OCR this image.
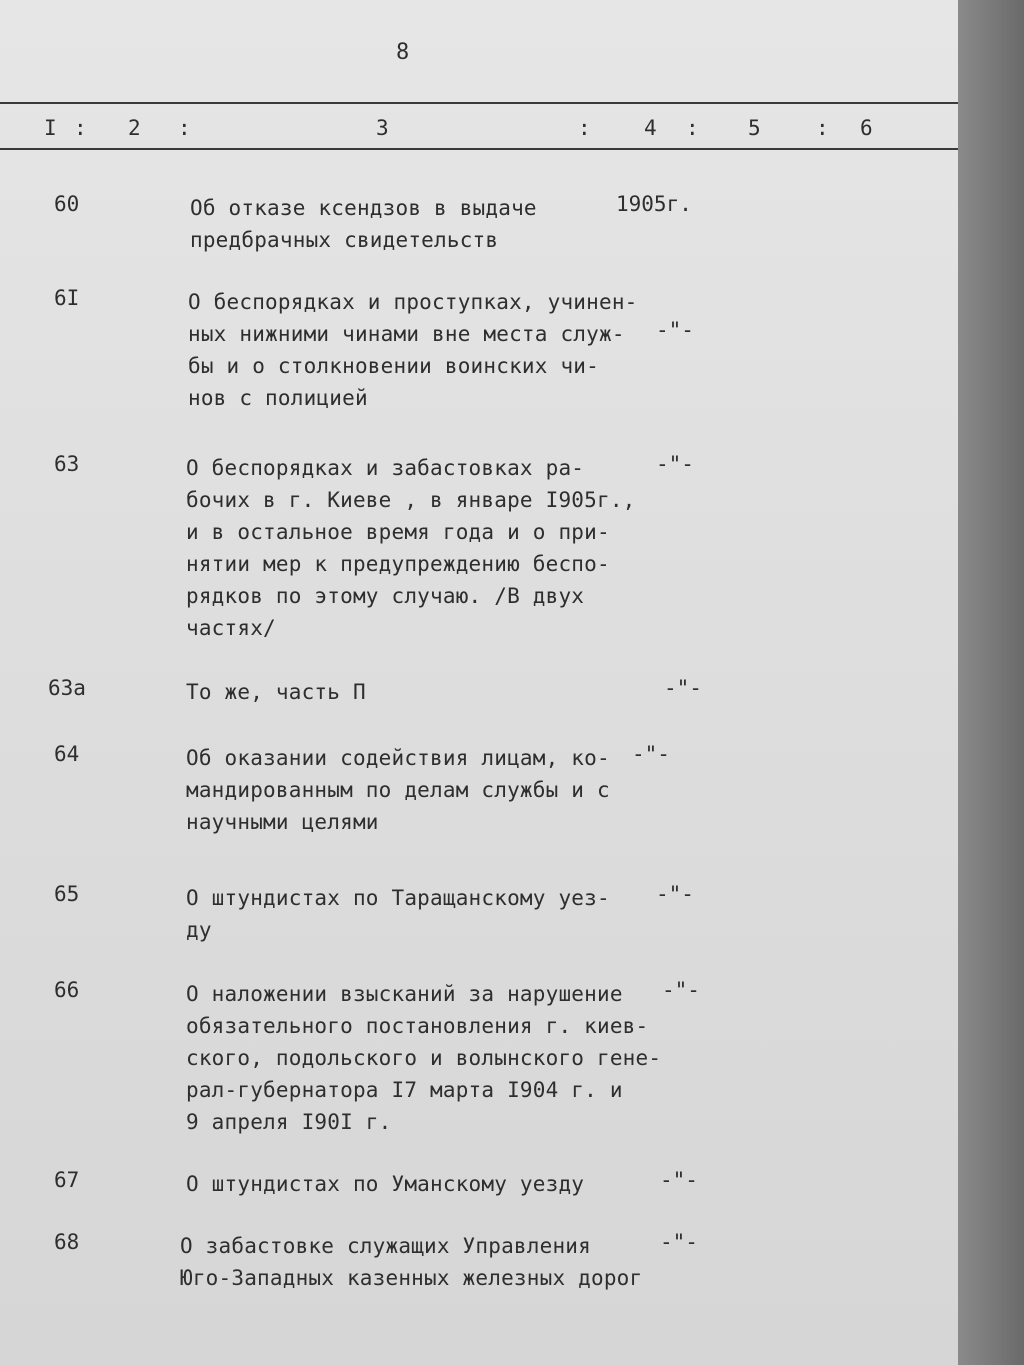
8
I : 2 :	3	:	4 : 5	: 6
60	Об отказе ксендзов в выдаче
предбрачных свидетельств
1905г.
6I	О беспорядках и проступках, учинен-
ных нижними чинами вне места служ-
бы и о столкновении воинских чи-
нов с полицией
-"-
63	О беспорядках и забастовках ра-
бочих в г. Киеве , в январе I905г.,
и в остальное время года и о при-
нятии мер к предупреждению беспо-
рядков по этому случаю. /В двух
частях/
-"-
63а	То же, часть П	-"-
64	Об оказании содействия лицам, ко-
мандированным по делам службы и с
научными целями
-"-
65	О штундистах по Таращанскому уез-
ду
-"-
66	О наложении взысканий за нарушение
обязательного постановления г. киев-
ского, подольского и волынского гене-
рал-губернатора I7 марта I904 г. и
9 апреля I90I г.
-"-
67	О штундистах по Уманскому уезду	-"-
68	О забастовке служащих Управления
Юго-Западных казенных железных дорог
-"-
